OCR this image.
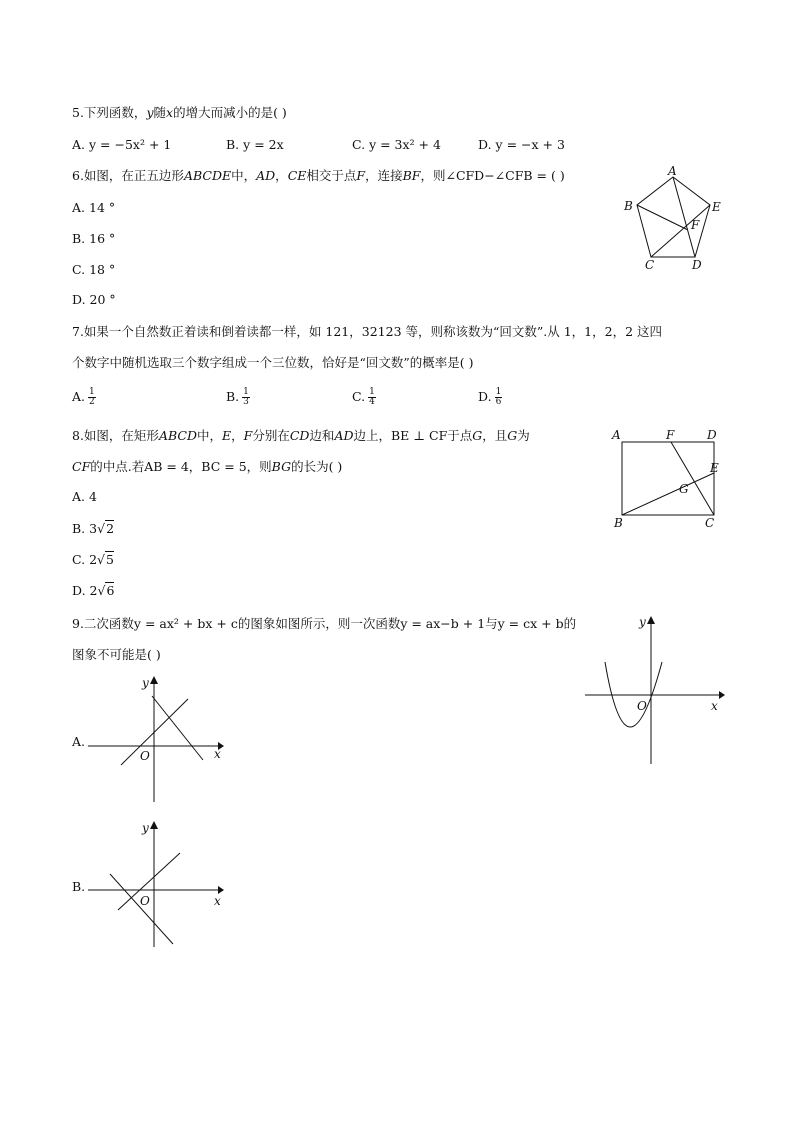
5.下列函数，y随x的增大而减小的是( )
A. y = −5x² + 1	B. y = 2x	C. y = 3x² + 4	D. y = −x + 3
6.如图，在正五边形ABCDE中，AD，CE相交于点F，连接BF，则∠CFD−∠CFB = ( )
A. 14 °
B. 16 °
C. 18 °
D. 20 °
A
B	E
F
C	D
7.如果一个自然数正着读和倒着读都一样，如 121，32123 等，则称该数为“回文数”.从 1，1，2，2 这四
个数字中随机选取三个数字组成一个三位数，恰好是“回文数”的概率是( )
A. $\frac{1}{2}$	B. $\frac{1}{3}$	C. $\frac{1}{4}$	D. $\frac{1}{6}$
8.如图，在矩形ABCD中，E，F分别在CD边和AD边上，BE ⊥ CF于点G，且G为
CF的中点.若AB = 4，BC = 5，则BG的长为( )
A. 4
B. 3√2
C. 2√5
D. 2√6
A	F	D
E
G
B	C
9.二次函数y = ax² + bx + c的图象如图所示，则一次函数y = ax−b + 1与y = cx + b的
图象不可能是( )
y
x
O
A.
y
x
O
B.
y
x
O
